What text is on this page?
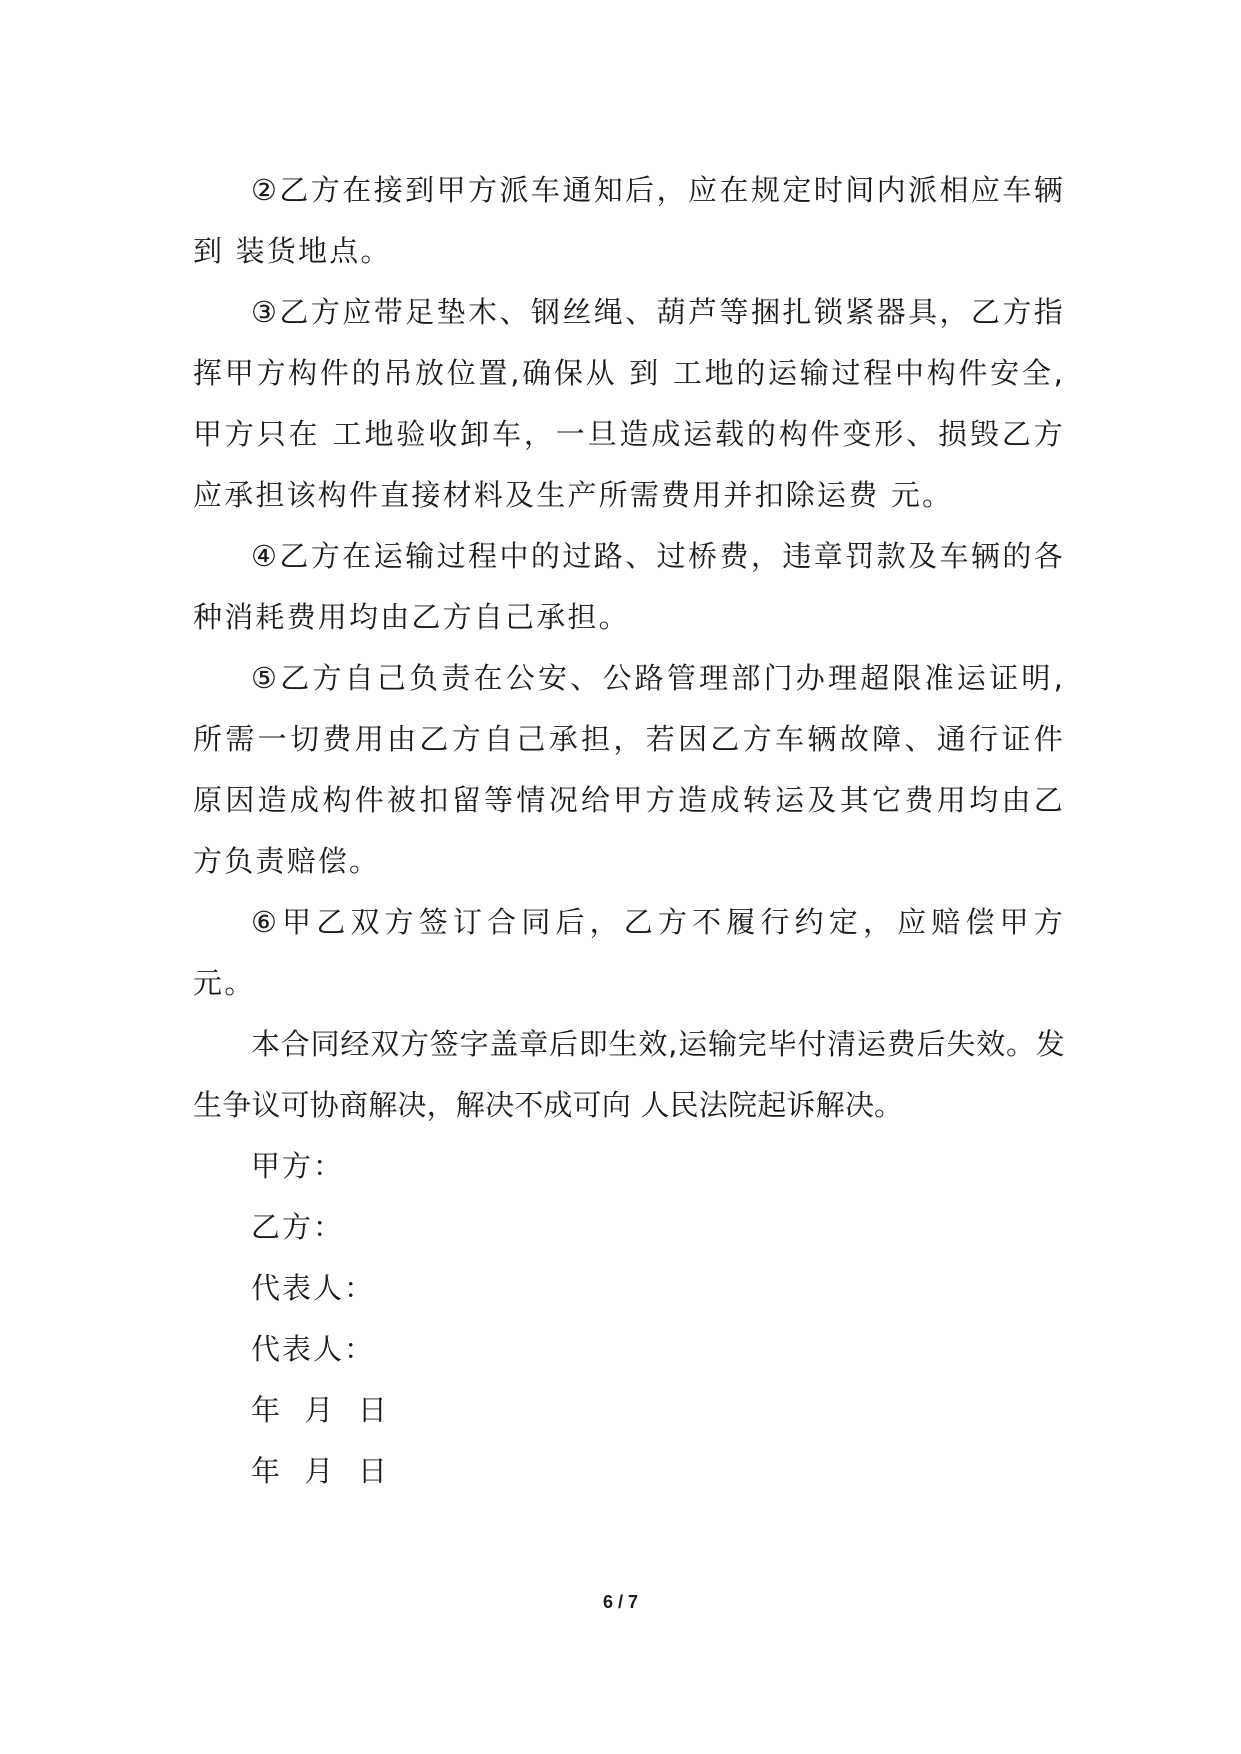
②乙方在接到甲方派车通知后，应在规定时间内派相应车辆到 装货地点。

③乙方应带足垫木、钢丝绳、葫芦等捆扎锁紧器具，乙方指挥甲方构件的吊放位置,确保从 到 工地的运输过程中构件安全,甲方只在 工地验收卸车，一旦造成运载的构件变形、损毁乙方应承担该构件直接材料及生产所需费用并扣除运费 元。

④乙方在运输过程中的过路、过桥费，违章罚款及车辆的各种消耗费用均由乙方自己承担。

⑤乙方自己负责在公安、公路管理部门办理超限准运证明,所需一切费用由乙方自己承担，若因乙方车辆故障、通行证件原因造成构件被扣留等情况给甲方造成转运及其它费用均由乙方负责赔偿。

⑥甲乙双方签订合同后，乙方不履行约定，应赔偿甲方 元。

本合同经双方签字盖章后即生效,运输完毕付清运费后失效。发生争议可协商解决，解决不成可向 人民法院起诉解决。

甲方：

乙方：

代表人：

代表人：

年  月  日

年  月  日

6 / 7
